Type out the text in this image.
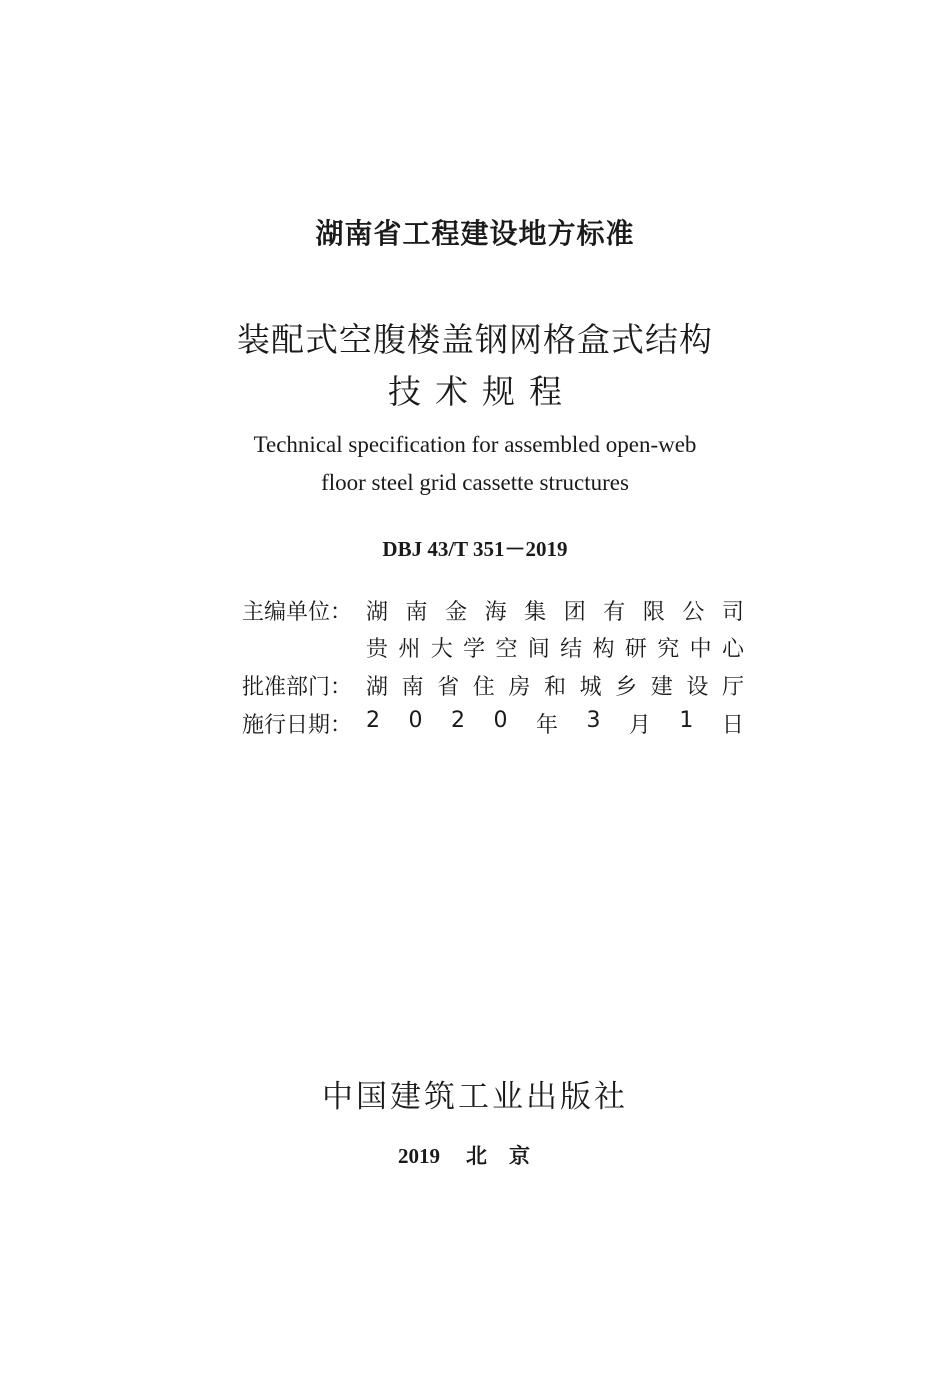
湖南省工程建设地方标准
装配式空腹楼盖钢网格盒式结构
技术规程
Technical specification for assembled open-web
floor steel grid cassette structures
DBJ 43/T 351－2019
主编单位： 湖 南 金 海 集 团 有 限 公 司
贵 州 大 学 空 间 结 构 研 究 中 心
批准部门： 湖 南 省 住 房 和 城 乡 建 设 厅
施行日期： 2 0 2 0 年 3 月 1 日
中国建筑工业出版社
2019 北京
